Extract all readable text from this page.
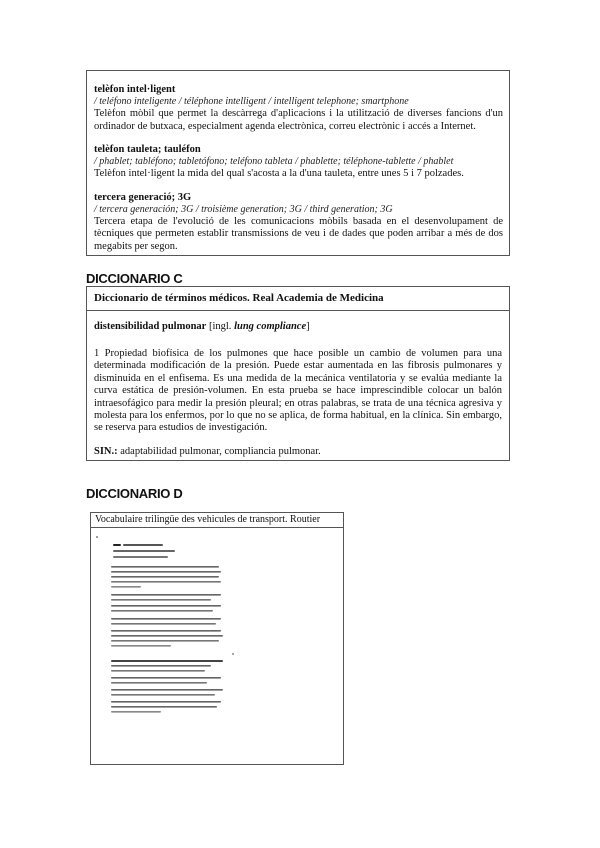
telèfon intel·ligent
/ teléfono inteligente / téléphone intelligent / intelligent telephone; smartphone
Telèfon mòbil que permet la descàrrega d'aplicacions i la utilització de diverses fancions d'un ordinador de butxaca, especialment agenda electrònica, correu electrònic i accés a Internet.
telèfon tauleta; tauléfon
/ phablet; tabléfono; tabletófono; teléfono tableta / phablette; téléphone-tablette / phablet
Telèfon intel·ligent la mida del qual s'acosta a la d'una tauleta, entre unes 5 i 7 polzades.
tercera generació; 3G
/ tercera generación; 3G / troisième generation; 3G / third generation; 3G
Tercera etapa de l'evolució de les comunicacions mòbils basada en el desenvolupament de tècniques que permeten establir transmissions de veu i de dades que poden arribar a més de dos megabits per segon.
DICCIONARIO C
Diccionario de términos médicos. Real Academia de Medicina
distensibilidad pulmonar [ingl. lung compliance]
1 Propiedad biofísica de los pulmones que hace posible un cambio de volumen para una determinada modificación de la presión. Puede estar aumentada en las fibrosis pulmonares y disminuida en el enfisema. Es una medida de la mecánica ventilatoria y se evalúa mediante la curva estática de presión-volumen. En esta prueba se hace imprescindible colocar un balón intraesofágico para medir la presión pleural; en otras palabras, se trata de una técnica agresiva y molesta para los enfermos, por lo que no se aplica, de forma habitual, en la clínica. Sin embargo, se reserva para estudios de investigación.
SIN.: adaptabilidad pulmonar, compliancia pulmonar.
DICCIONARIO D
Vocabulaire trilingüe des vehicules de transport. Routier
